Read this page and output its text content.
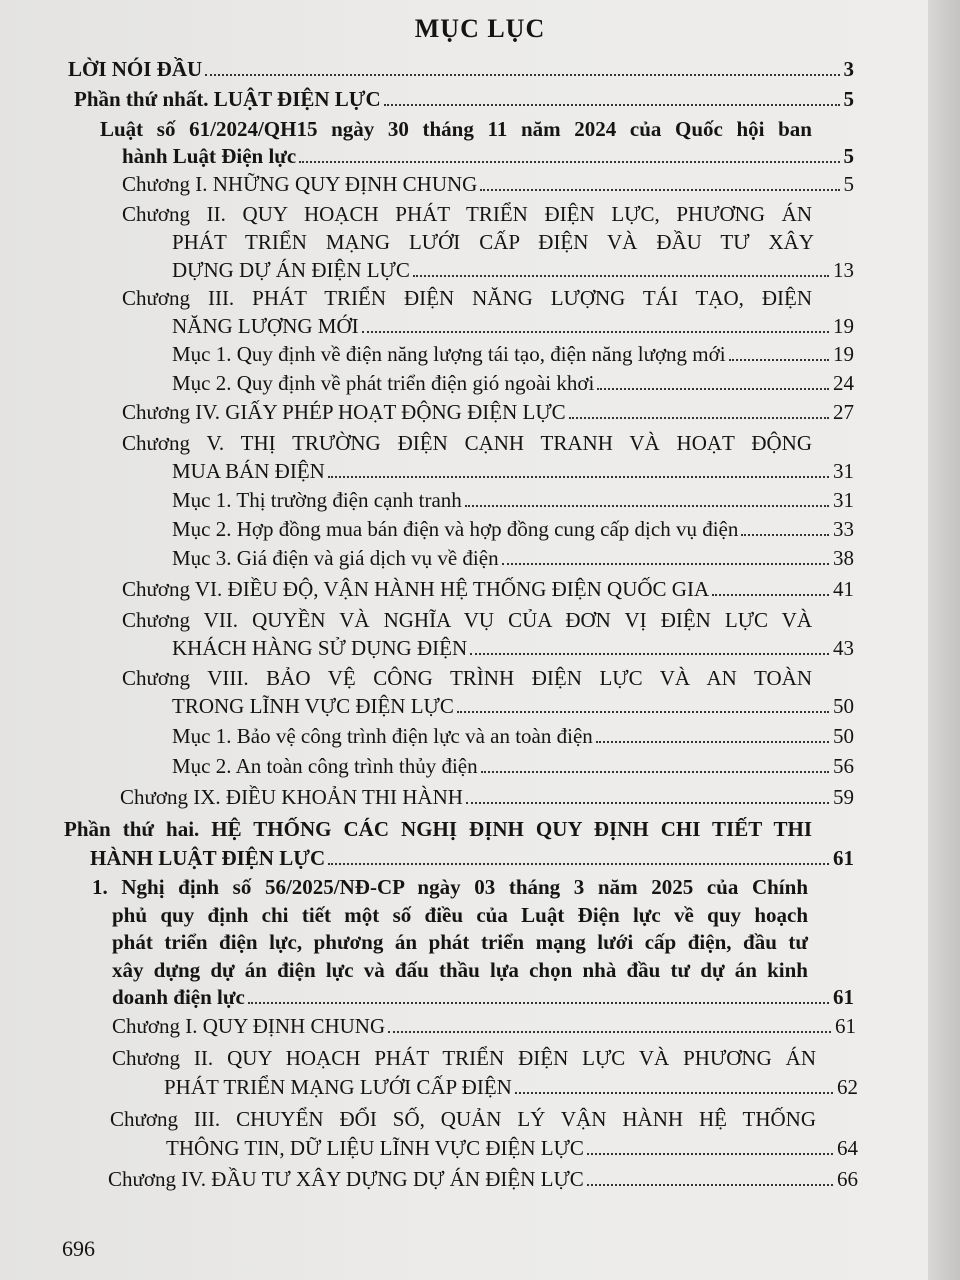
MỤC LỤC
LỜI NÓI ĐẦU	3
Phần thứ nhất. LUẬT ĐIỆN LỰC	5
Luật số 61/2024/QH15 ngày 30 tháng 11 năm 2024 của Quốc hội ban
hành Luật Điện lực	5
Chương I. NHỮNG QUY ĐỊNH CHUNG	5
Chương II. QUY HOẠCH PHÁT TRIỂN ĐIỆN LỰC, PHƯƠNG ÁN
PHÁT TRIỂN MẠNG LƯỚI CẤP ĐIỆN VÀ ĐẦU TƯ XÂY
DỰNG DỰ ÁN ĐIỆN LỰC	13
Chương III. PHÁT TRIỂN ĐIỆN NĂNG LƯỢNG TÁI TẠO, ĐIỆN
NĂNG LƯỢNG MỚI	19
Mục 1. Quy định về điện năng lượng tái tạo, điện năng lượng mới	19
Mục 2. Quy định về phát triển điện gió ngoài khơi	24
Chương IV. GIẤY PHÉP HOẠT ĐỘNG ĐIỆN LỰC	27
Chương V. THỊ TRƯỜNG ĐIỆN CẠNH TRANH VÀ HOẠT ĐỘNG
MUA BÁN ĐIỆN	31
Mục 1. Thị trường điện cạnh tranh	31
Mục 2. Hợp đồng mua bán điện và hợp đồng cung cấp dịch vụ điện	33
Mục 3. Giá điện và giá dịch vụ về điện	38
Chương VI. ĐIỀU ĐỘ, VẬN HÀNH HỆ THỐNG ĐIỆN QUỐC GIA	41
Chương VII. QUYỀN VÀ NGHĨA VỤ CỦA ĐƠN VỊ ĐIỆN LỰC VÀ
KHÁCH HÀNG SỬ DỤNG ĐIỆN	43
Chương VIII. BẢO VỆ CÔNG TRÌNH ĐIỆN LỰC VÀ AN TOÀN
TRONG LĨNH VỰC ĐIỆN LỰC	50
Mục 1. Bảo vệ công trình điện lực và an toàn điện	50
Mục 2. An toàn công trình thủy điện	56
Chương IX. ĐIỀU KHOẢN THI HÀNH	59
Phần thứ hai. HỆ THỐNG CÁC NGHỊ ĐỊNH QUY ĐỊNH CHI TIẾT THI
HÀNH LUẬT ĐIỆN LỰC	61
1. Nghị định số 56/2025/NĐ-CP ngày 03 tháng 3 năm 2025 của Chính
phủ quy định chi tiết một số điều của Luật Điện lực về quy hoạch
phát triển điện lực, phương án phát triển mạng lưới cấp điện, đầu tư
xây dựng dự án điện lực và đấu thầu lựa chọn nhà đầu tư dự án kinh
doanh điện lực	61
Chương I. QUY ĐỊNH CHUNG	61
Chương II. QUY HOẠCH PHÁT TRIỂN ĐIỆN LỰC VÀ PHƯƠNG ÁN
PHÁT TRIỂN MẠNG LƯỚI CẤP ĐIỆN	62
Chương III. CHUYỂN ĐỔI SỐ, QUẢN LÝ VẬN HÀNH HỆ THỐNG
THÔNG TIN, DỮ LIỆU LĨNH VỰC ĐIỆN LỰC	64
Chương IV. ĐẦU TƯ XÂY DỰNG DỰ ÁN ĐIỆN LỰC	66
696
